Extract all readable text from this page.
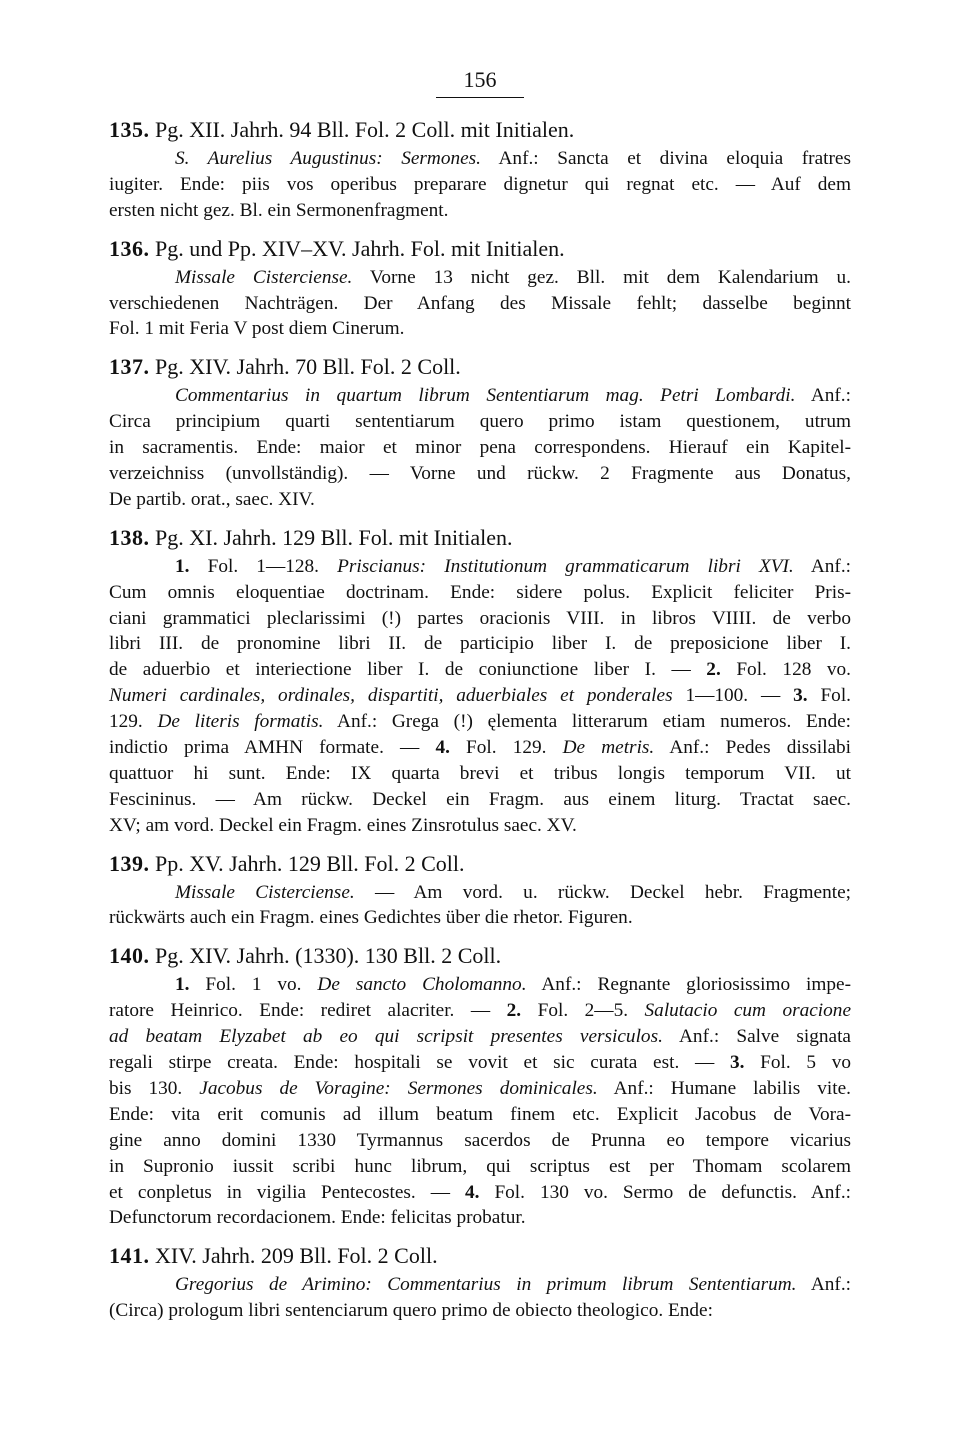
156
135. Pg. XII. Jahrh. 94 Bll. Fol. 2 Coll. mit Initialen.
S. Aurelius Augustinus: Sermones. Anf.: Sancta et divina eloquia fratres
iugiter. Ende: piis vos operibus preparare dignetur qui regnat etc. — Auf dem
ersten nicht gez. Bl. ein Sermonenfragment.
136. Pg. und Pp. XIV–XV. Jahrh. Fol. mit Initialen.
Missale Cisterciense. Vorne 13 nicht gez. Bll. mit dem Kalendarium u.
verschiedenen Nachträgen. Der Anfang des Missale fehlt; dasselbe beginnt
Fol. 1 mit Feria V post diem Cinerum.
137. Pg. XIV. Jahrh. 70 Bll. Fol. 2 Coll.
Commentarius in quartum librum Sententiarum mag. Petri Lombardi. Anf.:
Circa principium quarti sententiarum quero primo istam questionem, utrum
in sacramentis. Ende: maior et minor pena correspondens. Hierauf ein Kapitel-
verzeichniss (unvollständig). — Vorne und rückw. 2 Fragmente aus Donatus,
De partib. orat., saec. XIV.
138. Pg. XI. Jahrh. 129 Bll. Fol. mit Initialen.
1. Fol. 1—128. Priscianus: Institutionum grammaticarum libri XVI. Anf.:
Cum omnis eloquentiae doctrinam. Ende: sidere polus. Explicit feliciter Pris-
ciani grammatici pleclarissimi (!) partes oracionis VIII. in libros VIIII. de verbo
libri III. de pronomine libri II. de participio liber I. de preposicione liber I.
de aduerbio et interiectione liber I. de coniunctione liber I. — 2. Fol. 128 vo.
Numeri cardinales, ordinales, dispartiti, aduerbiales et ponderales 1—100. — 3. Fol.
129. De literis formatis. Anf.: Grega (!) ęlementa litterarum etiam numeros. Ende:
indictio prima AMHN formate. — 4. Fol. 129. De metris. Anf.: Pedes dissilabi
quattuor hi sunt. Ende: IX quarta brevi et tribus longis temporum VII. ut
Fescininus. — Am rückw. Deckel ein Fragm. aus einem liturg. Tractat saec.
XV; am vord. Deckel ein Fragm. eines Zinsrotulus saec. XV.
139. Pp. XV. Jahrh. 129 Bll. Fol. 2 Coll.
Missale Cisterciense. — Am vord. u. rückw. Deckel hebr. Fragmente;
rückwärts auch ein Fragm. eines Gedichtes über die rhetor. Figuren.
140. Pg. XIV. Jahrh. (1330). 130 Bll. 2 Coll.
1. Fol. 1 vo. De sancto Cholomanno. Anf.: Regnante gloriosissimo impe-
ratore Heinrico. Ende: rediret alacriter. — 2. Fol. 2—5. Salutacio cum oracione
ad beatam Elyzabet ab eo qui scripsit presentes versiculos. Anf.: Salve signata
regali stirpe creata. Ende: hospitali se vovit et sic curata est. — 3. Fol. 5 vo
bis 130. Jacobus de Voragine: Sermones dominicales. Anf.: Humane labilis vite.
Ende: vita erit comunis ad illum beatum finem etc. Explicit Jacobus de Vora-
gine anno domini 1330 Tyrmannus sacerdos de Prunna eo tempore vicarius
in Supronio iussit scribi hunc librum, qui scriptus est per Thomam scolarem
et conpletus in vigilia Pentecostes. — 4. Fol. 130 vo. Sermo de defunctis. Anf.:
Defunctorum recordacionem. Ende: felicitas probatur.
141. XIV. Jahrh. 209 Bll. Fol. 2 Coll.
Gregorius de Arimino: Commentarius in primum librum Sententiarum. Anf.:
(Circa) prologum libri sentenciarum quero primo de obiecto theologico. Ende:
